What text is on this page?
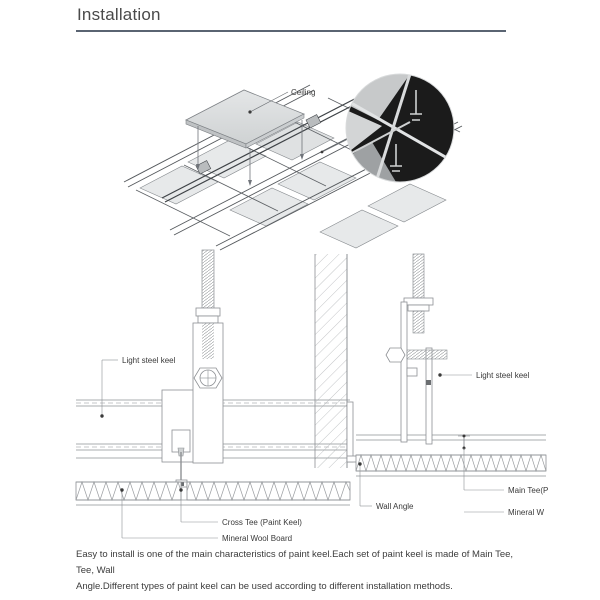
Installation
Ceiling
Light steel keel
Cross Tee (Paint Keel)
Mineral Wool Board
Light steel keel
Main Tee(P
Mineral W
Wall Angle
Easy to install is one of the main characteristics of paint keel.Each set of paint keel is made of Main Tee,
Tee, Wall
Angle.Different types of paint keel can be used according to different installation methods.
